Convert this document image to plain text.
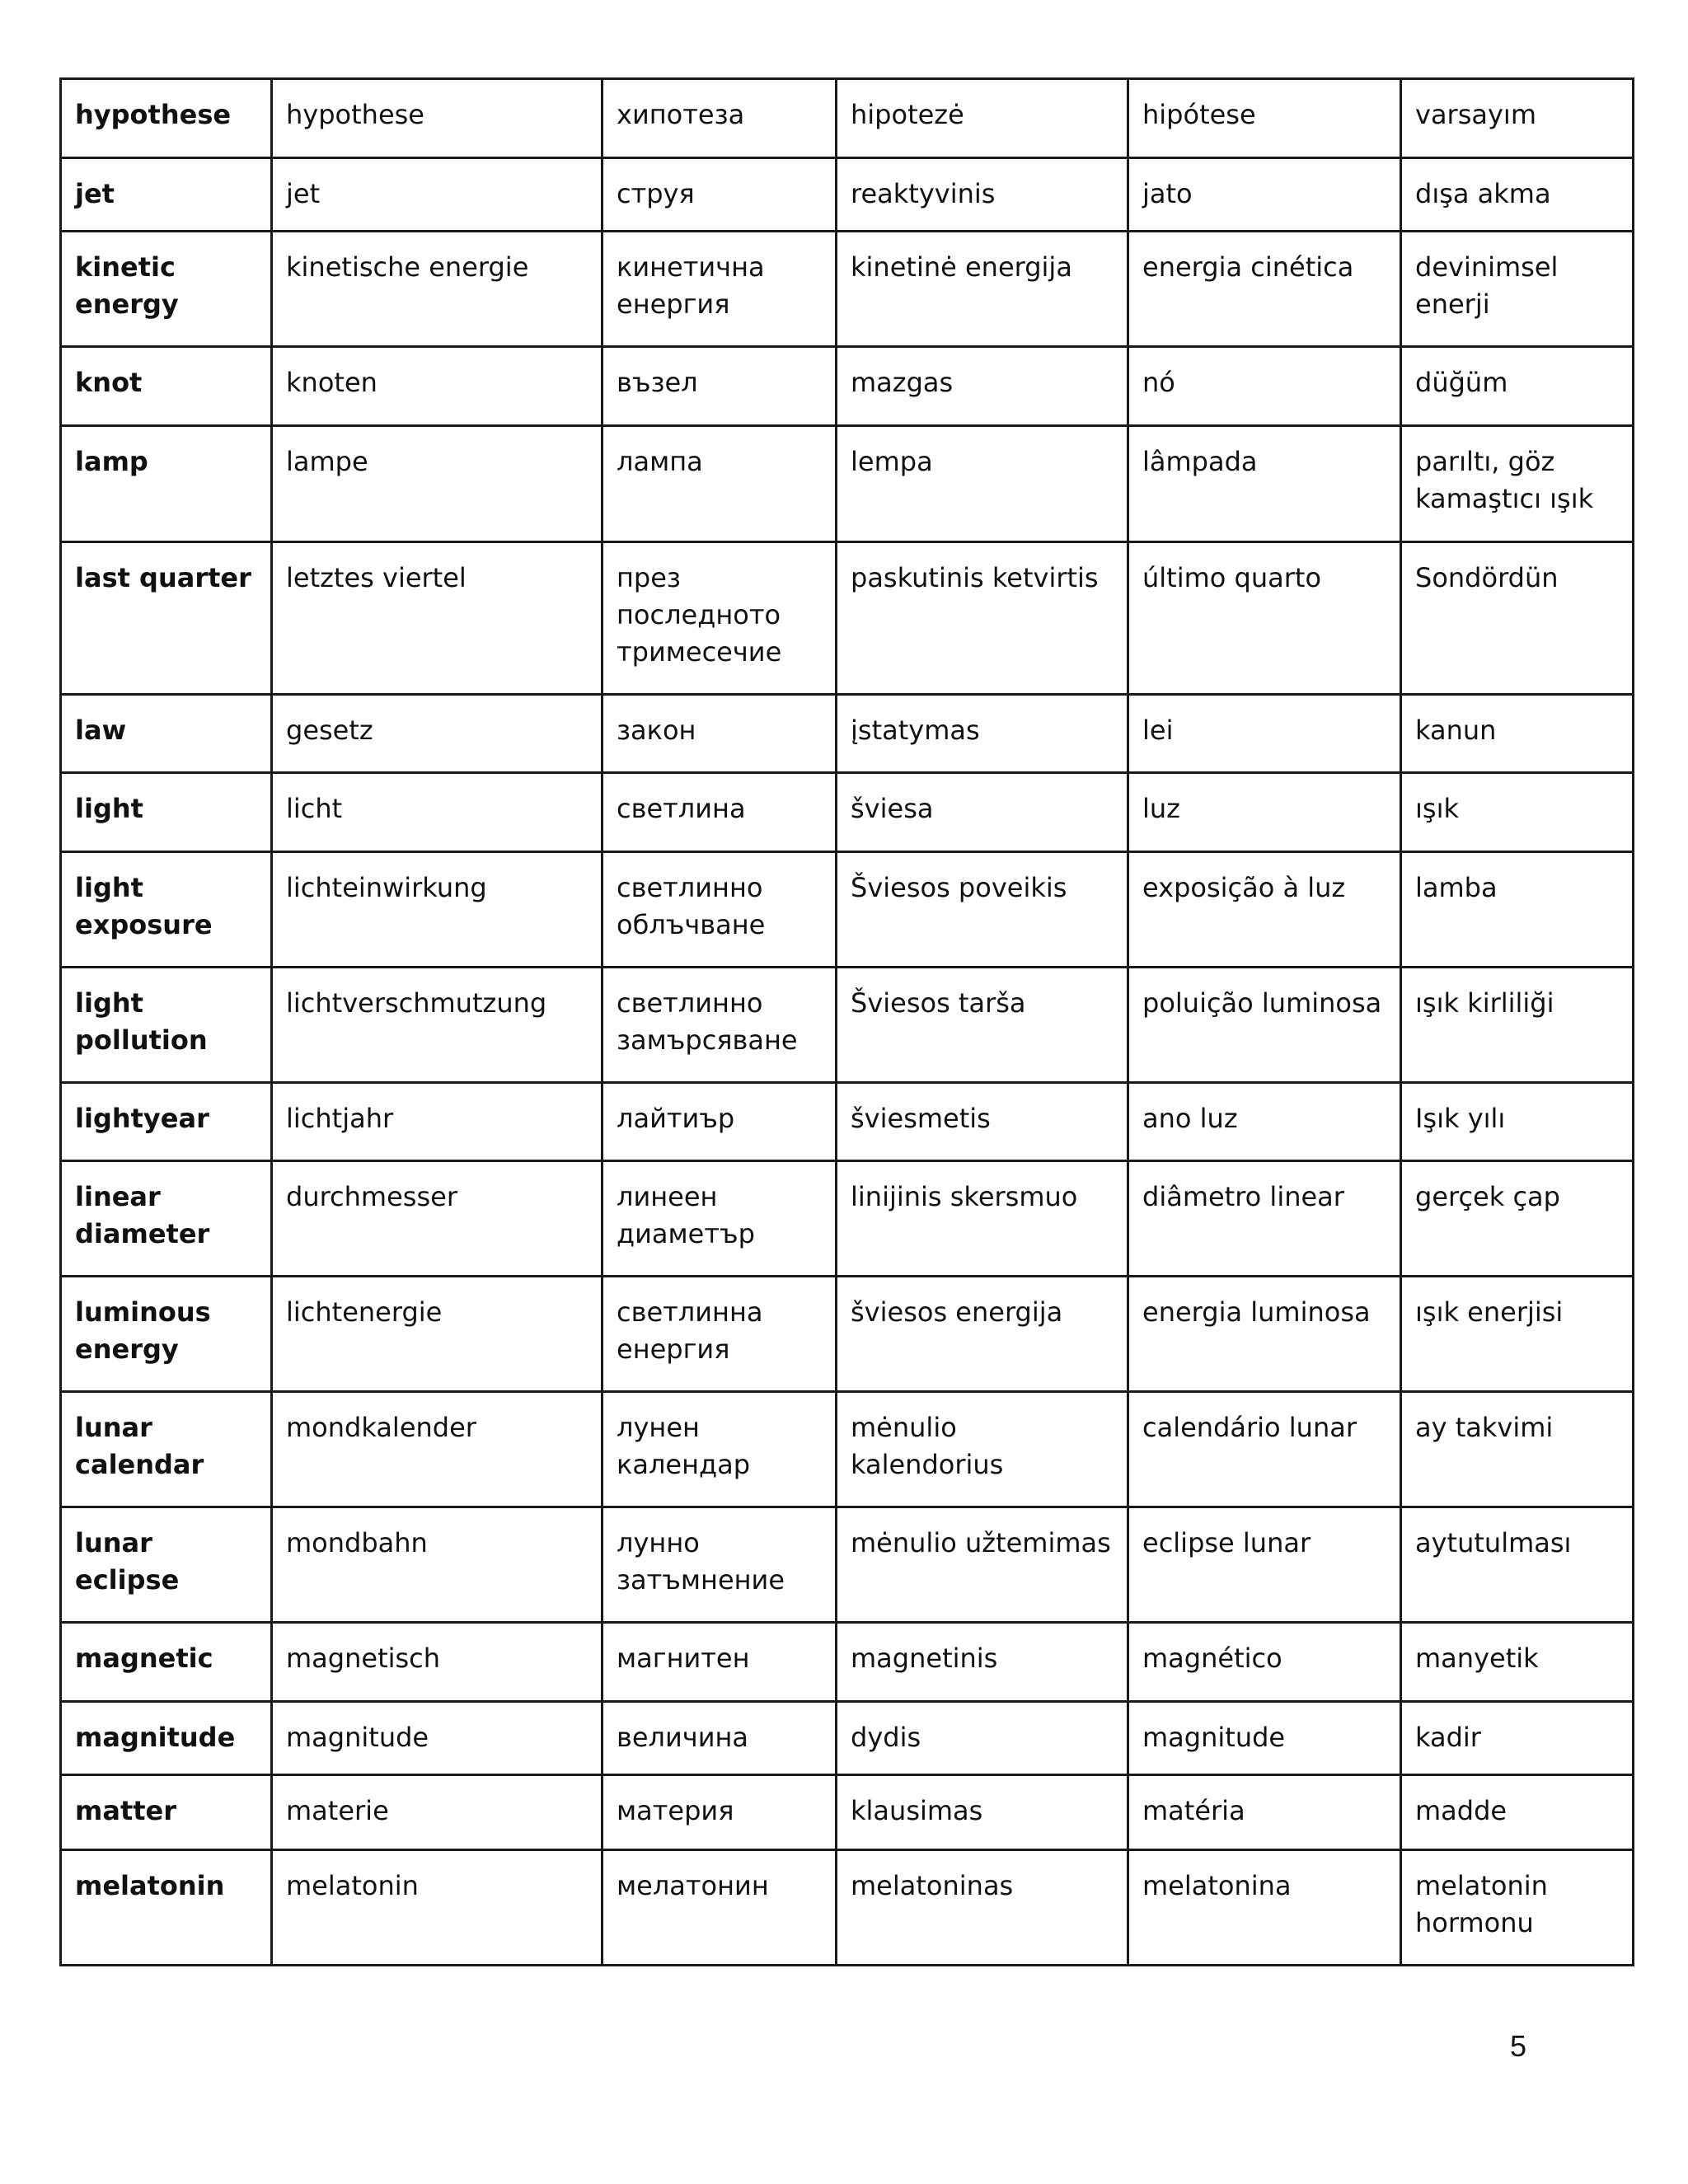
hypothese	hypothese	хипотеза	hipotezė	hipótese	varsayım
jet	jet	струя	reaktyvinis	jato	dışa akma
kinetic energy	kinetische energie	кинетична енергия	kinetinė energija	energia cinética	devinimsel enerji
knot	knoten	възел	mazgas	nó	düğüm
lamp	lampe	лампа	lempa	lâmpada	parıltı, göz kamaştıcı ışık
last quarter	letztes viertel	през последното тримесечие	paskutinis ketvirtis	último quarto	Sondördün
law	gesetz	закон	įstatymas	lei	kanun
light	licht	светлина	šviesa	luz	ışık
light exposure	lichteinwirkung	светлинно облъчване	Šviesos poveikis	exposição à luz	lamba
light pollution	lichtverschmutzung	светлинно замърсяване	Šviesos tarša	poluição luminosa	ışık kirliliği
lightyear	lichtjahr	лайтиър	šviesmetis	ano luz	Işık yılı
linear diameter	durchmesser	линеен диаметър	linijinis skersmuo	diâmetro linear	gerçek çap
luminous energy	lichtenergie	светлинна енергия	šviesos energija	energia luminosa	ışık enerjisi
lunar calendar	mondkalender	лунен календар	mėnulio kalendorius	calendário lunar	ay takvimi
lunar eclipse	mondbahn	лунно затъмнение	mėnulio užtemimas	eclipse lunar	aytutulması
magnetic	magnetisch	магнитен	magnetinis	magnético	manyetik
magnitude	magnitude	величина	dydis	magnitude	kadir
matter	materie	материя	klausimas	matéria	madde
melatonin	melatonin	мелатонин	melatoninas	melatonina	melatonin hormonu
5
